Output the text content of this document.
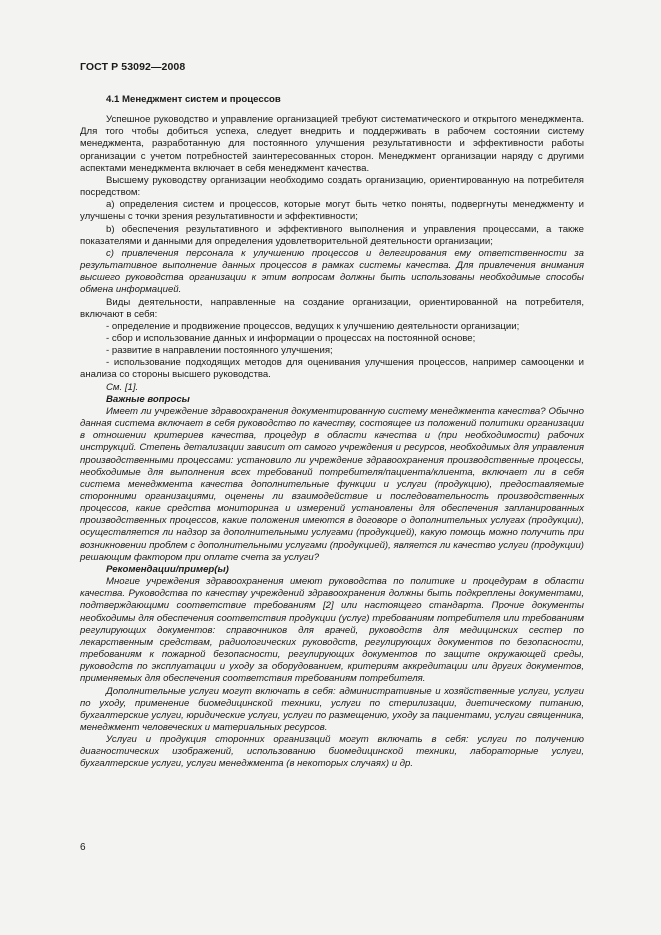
ГОСТ Р 53092—2008

4.1 Менеджмент систем и процессов

Успешное руководство и управление организацией требуют систематического и открытого менеджмента. Для того чтобы добиться успеха, следует внедрить и поддерживать в рабочем состоянии систему менеджмента, разработанную для постоянного улучшения результативности и эффективности работы организации с учетом потребностей заинтересованных сторон. Менеджмент организации наряду с другими аспектами менеджмента включает в себя менеджмент качества.

Высшему руководству организации необходимо создать организацию, ориентированную на потребителя посредством:

a) определения систем и процессов, которые могут быть четко поняты, подвергнуты менеджменту и улучшены с точки зрения результативности и эффективности;

b) обеспечения результативного и эффективного выполнения и управления процессами, а также показателями и данными для определения удовлетворительной деятельности организации;

c) привлечения персонала к улучшению процессов и делегирования ему ответственности за результативное выполнение данных процессов в рамках системы качества. Для привлечения внимания высшего руководства организации к этим вопросам должны быть использованы необходимые способы обмена информацией.

Виды деятельности, направленные на создание организации, ориентированной на потребителя, включают в себя:

- определение и продвижение процессов, ведущих к улучшению деятельности организации;

- сбор и использование данных и информации о процессах на постоянной основе;

- развитие в направлении постоянного улучшения;

- использование подходящих методов для оценивания улучшения процессов, например самооценки и анализа со стороны высшего руководства.

См. [1].

Важные вопросы

Имеет ли учреждение здравоохранения документированную систему менеджмента качества? Обычно данная система включает в себя руководство по качеству, состоящее из положений политики организации в отношении критериев качества, процедур в области качества и (при необходимости) рабочих инструкций. Степень детализации зависит от самого учреждения и ресурсов, необходимых для управления производственными процессами: установило ли учреждение здравоохранения производственные процессы, необходимые для выполнения всех требований потребителя/пациента/клиента, включает ли в себя система менеджмента качества дополнительные функции и услуги (продукцию), предоставляемые сторонними организациями, оценены ли взаимодействие и последовательность производственных процессов, какие средства мониторинга и измерений установлены для обеспечения запланированных производственных процессов, какие положения имеются в договоре о дополнительных услугах (продукции), осуществляется ли надзор за дополнительными услугами (продукцией), какую помощь можно получить при возникновении проблем с дополнительными услугами (продукцией), является ли качество услуги (продукции) решающим фактором при оплате счета за услуги?

Рекомендации/пример(ы)

Многие учреждения здравоохранения имеют руководства по политике и процедурам в области качества. Руководства по качеству учреждений здравоохранения должны быть подкреплены документами, подтверждающими соответствие требованиям [2] или настоящего стандарта. Прочие документы необходимы для обеспечения соответствия продукции (услуг) требованиям потребителя или требованиям регулирующих документов: справочников для врачей, руководств для медицинских сестер по лекарственным средствам, радиологических руководств, регулирующих документов по безопасности, требованиям к пожарной безопасности, регулирующих документов по защите окружающей среды, руководств по эксплуатации и уходу за оборудованием, критериям аккредитации или других документов, применяемых для обеспечения соответствия требованиям потребителя.

Дополнительные услуги могут включать в себя: административные и хозяйственные услуги, услуги по уходу, применение биомедицинской техники, услуги по стерилизации, диетическому питанию, бухгалтерские услуги, юридические услуги, услуги по размещению, уходу за пациентами, услуги священника, менеджмент человеческих и материальных ресурсов.

Услуги и продукция сторонних организаций могут включать в себя: услуги по получению диагностических изображений, использованию биомедицинской техники, лабораторные услуги, бухгалтерские услуги, услуги менеджмента (в некоторых случаях) и др.

6
